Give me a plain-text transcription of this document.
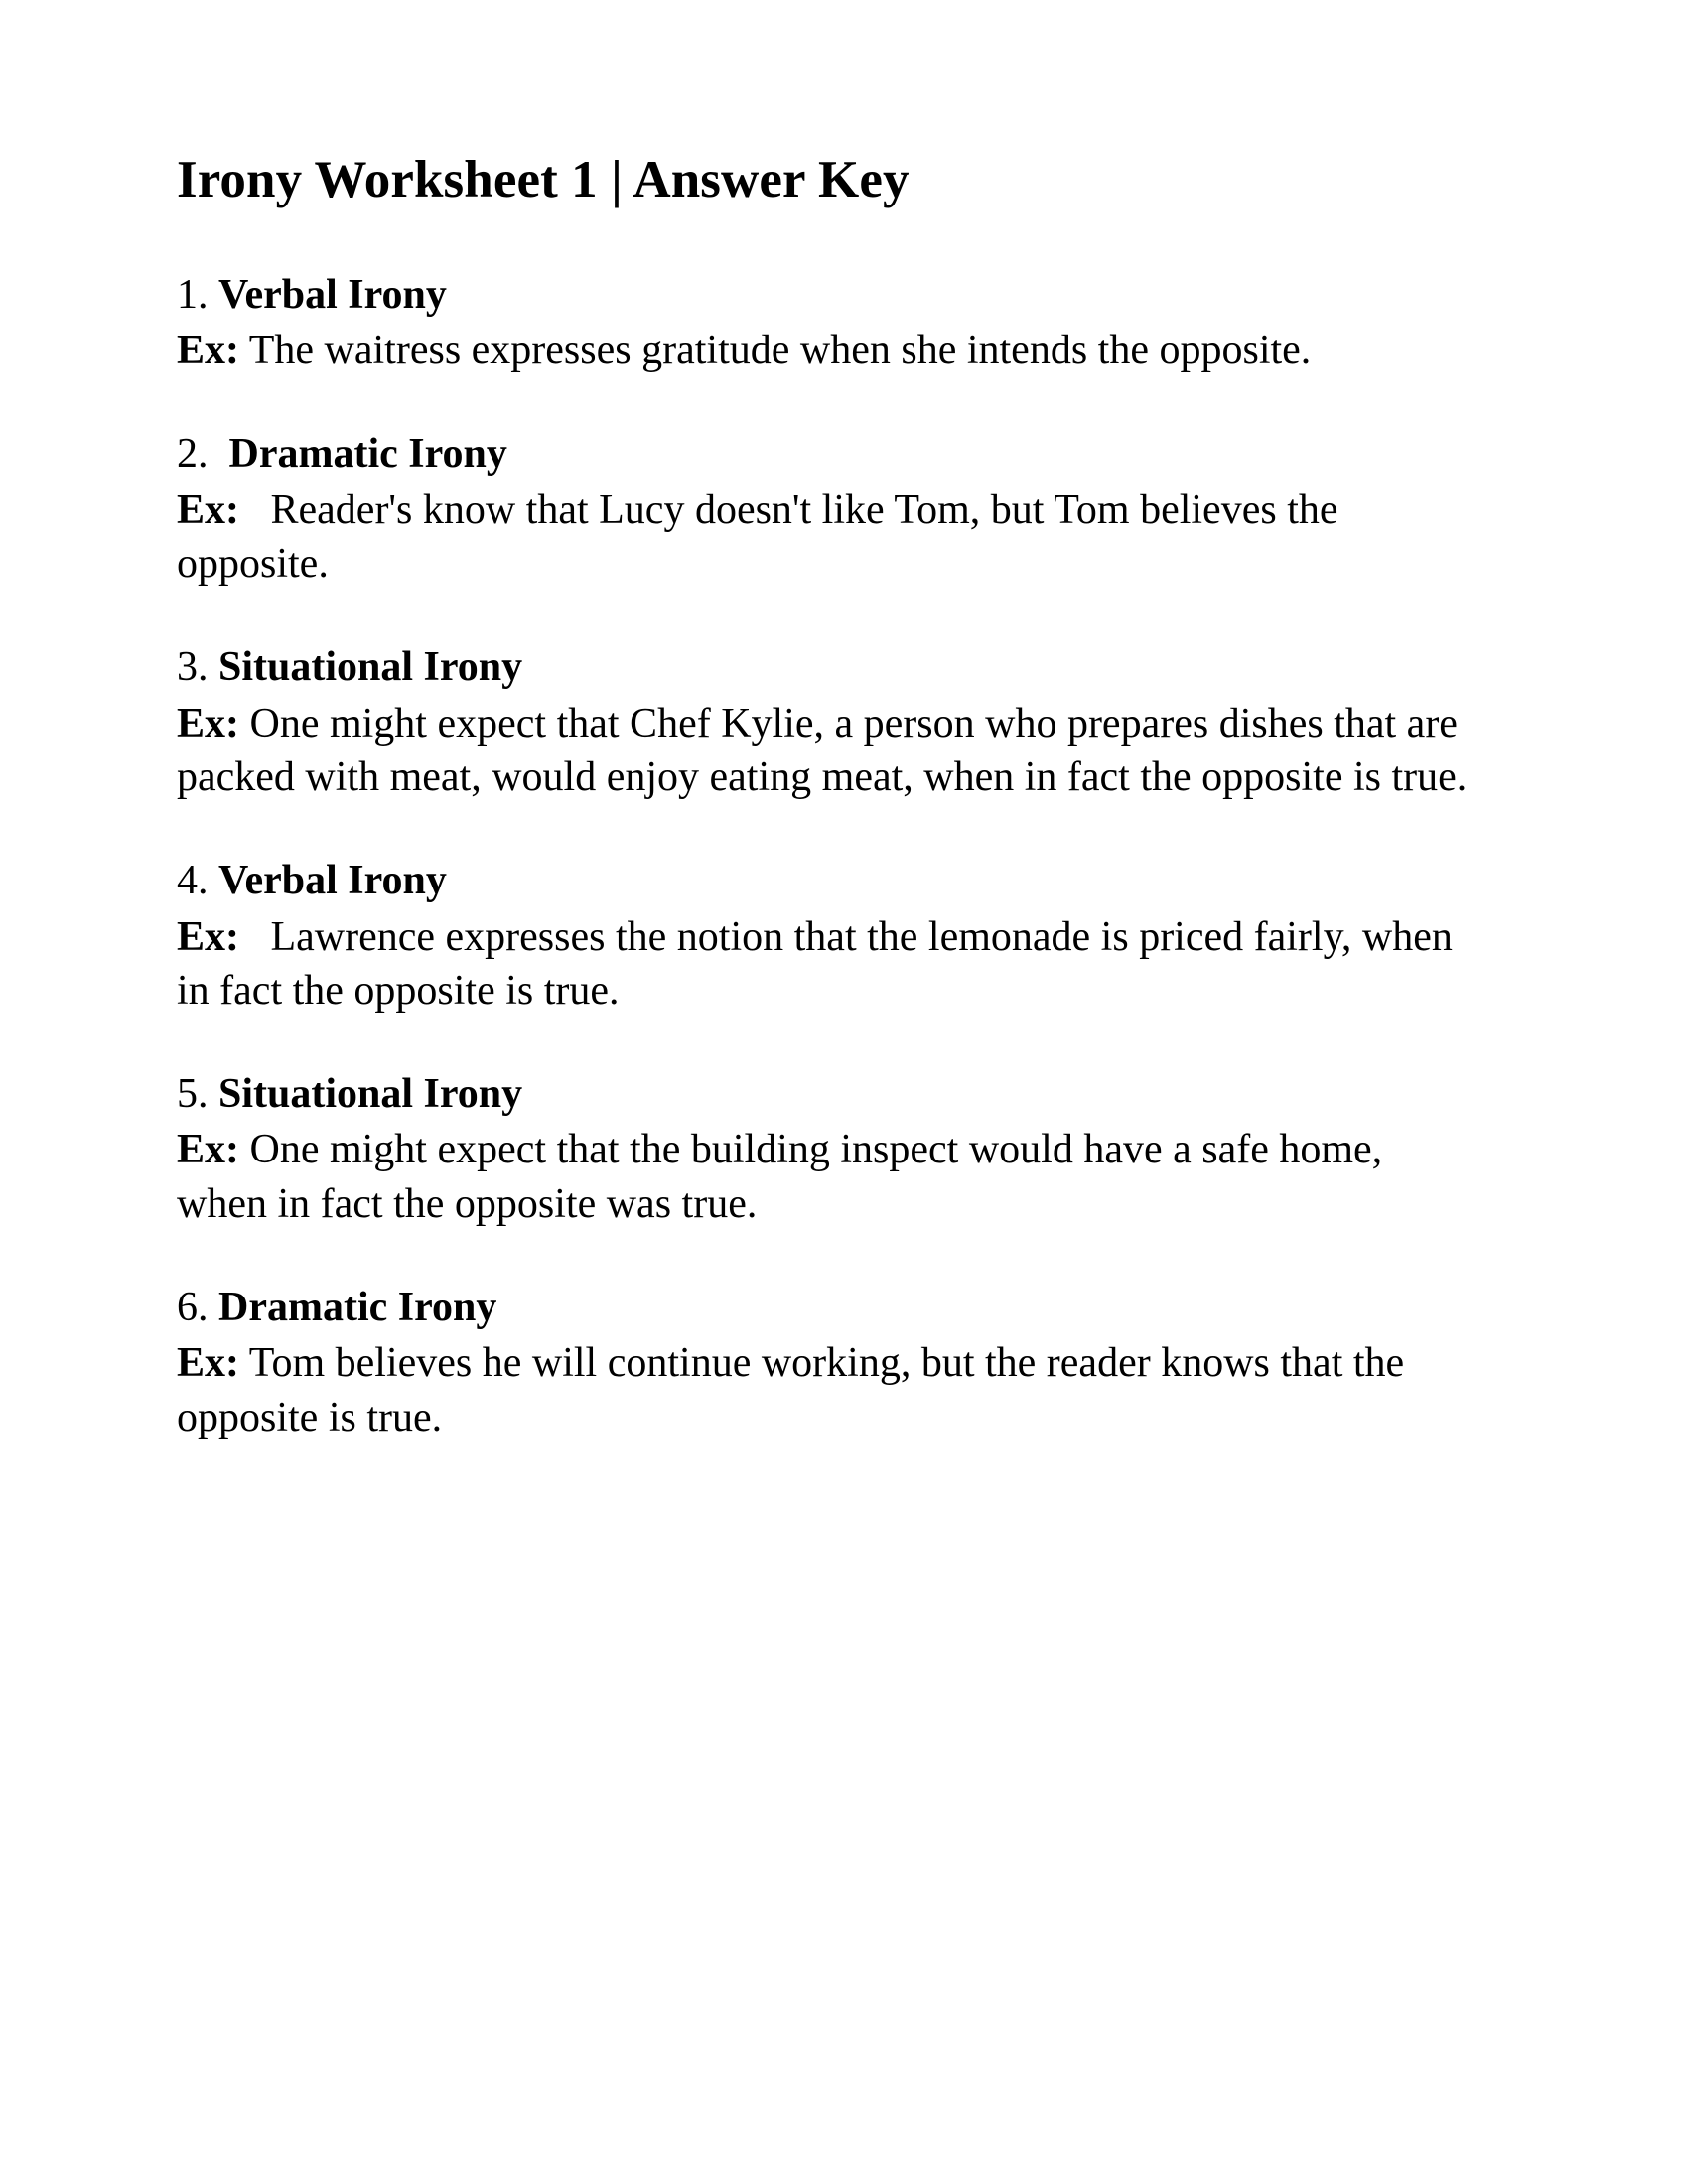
Irony Worksheet 1 | Answer Key

1. Verbal Irony

Ex: The waitress expresses gratitude when she intends the opposite.

2. Dramatic Irony

Ex:   Reader's know that Lucy doesn't like Tom, but Tom believes the opposite.

3. Situational Irony

Ex: One might expect that Chef Kylie, a person who prepares dishes that are packed with meat, would enjoy eating meat, when in fact the opposite is true.

4. Verbal Irony

Ex:   Lawrence expresses the notion that the lemonade is priced fairly, when in fact the opposite is true.

5. Situational Irony

Ex: One might expect that the building inspect would have a safe home, when in fact the opposite was true.

6. Dramatic Irony

Ex: Tom believes he will continue working, but the reader knows that the opposite is true.
